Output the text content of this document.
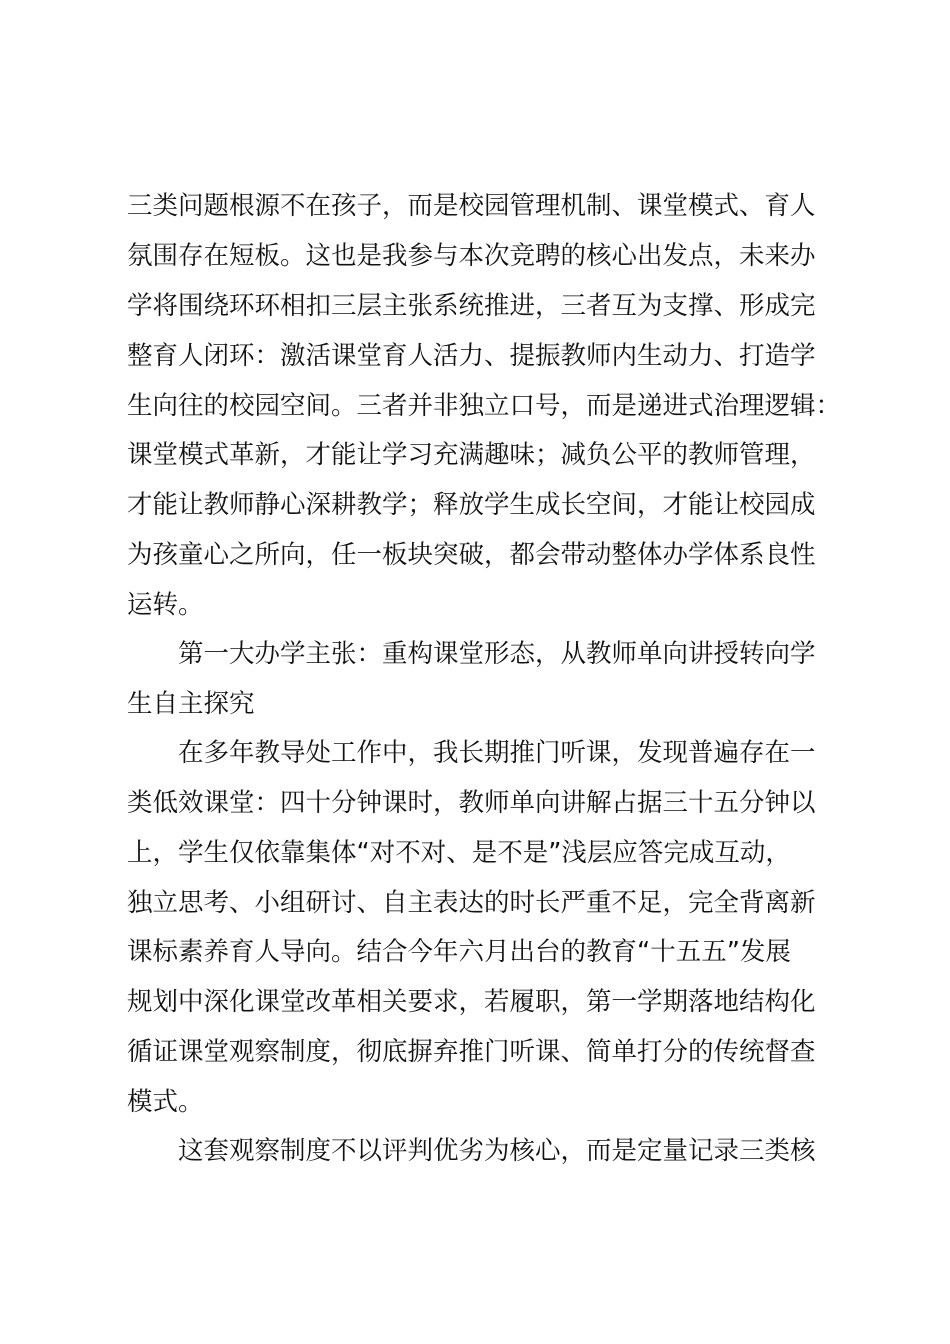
三类问题根源不在孩子，而是校园管理机制、课堂模式、育人
氛围存在短板。这也是我参与本次竞聘的核心出发点，未来办
学将围绕环环相扣三层主张系统推进，三者互为支撑、形成完
整育人闭环：激活课堂育人活力、提振教师内生动力、打造学
生向往的校园空间。三者并非独立口号，而是递进式治理逻辑：
课堂模式革新，才能让学习充满趣味；减负公平的教师管理，
才能让教师静心深耕教学；释放学生成长空间，才能让校园成
为孩童心之所向，任一板块突破，都会带动整体办学体系良性
运转。
第一大办学主张：重构课堂形态，从教师单向讲授转向学
生自主探究
在多年教导处工作中，我长期推门听课，发现普遍存在一
类低效课堂：四十分钟课时，教师单向讲解占据三十五分钟以
上，学生仅依靠集体“对不对、是不是”浅层应答完成互动，
独立思考、小组研讨、自主表达的时长严重不足，完全背离新
课标素养育人导向。结合今年六月出台的教育“十五五”发展
规划中深化课堂改革相关要求，若履职，第一学期落地结构化
循证课堂观察制度，彻底摒弃推门听课、简单打分的传统督查
模式。
这套观察制度不以评判优劣为核心，而是定量记录三类核
